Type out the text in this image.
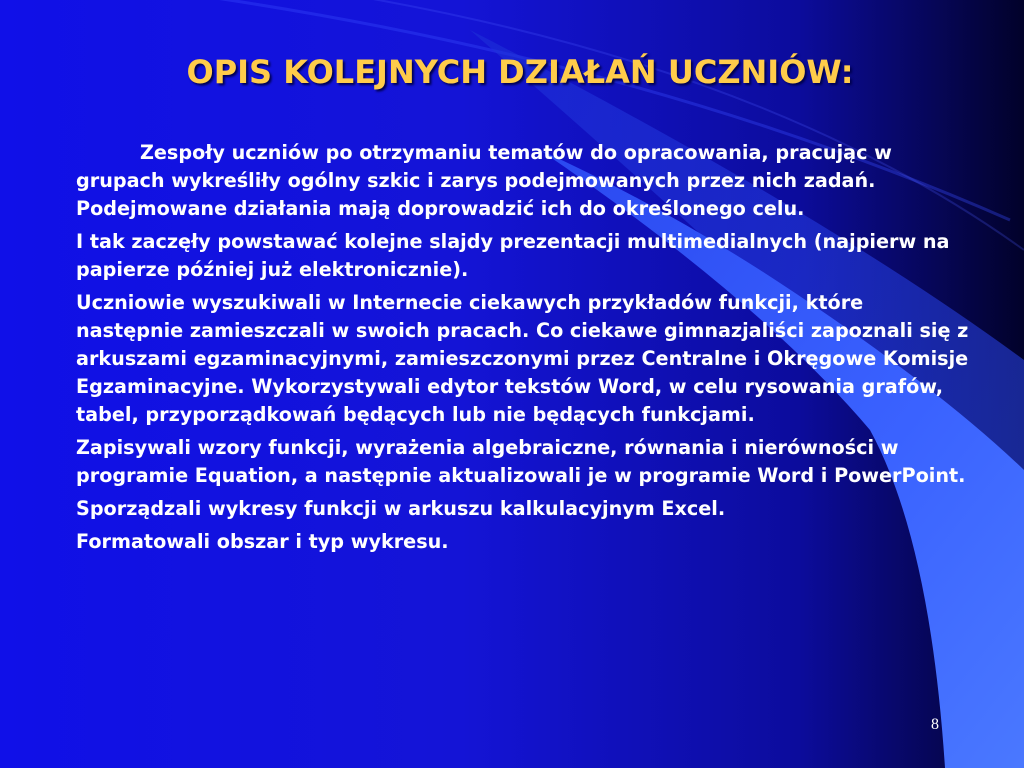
OPIS KOLEJNYCH DZIAŁAŃ UCZNIÓW:

Zespoły uczniów po otrzymaniu tematów do opracowania, pracując w grupach wykreśliły ogólny szkic i zarys podejmowanych przez nich zadań. Podejmowane działania mają doprowadzić ich do określonego celu.

I tak zaczęły powstawać kolejne slajdy prezentacji multimedialnych (najpierw na papierze później już elektronicznie).

Uczniowie wyszukiwali w Internecie ciekawych przykładów funkcji, które następnie zamieszczali w swoich pracach. Co ciekawe gimnazjaliści zapoznali się z arkuszami egzaminacyjnymi, zamieszczonymi przez Centralne i Okręgowe Komisje Egzaminacyjne. Wykorzystywali edytor tekstów Word, w celu rysowania grafów, tabel, przyporządkowań będących lub nie będących funkcjami.

Zapisywali wzory funkcji, wyrażenia algebraiczne, równania i nierówności w programie Equation, a następnie aktualizowali je w programie Word i PowerPoint.

Sporządzali wykresy funkcji w arkuszu kalkulacyjnym Excel.

Formatowali obszar i typ wykresu.

8
